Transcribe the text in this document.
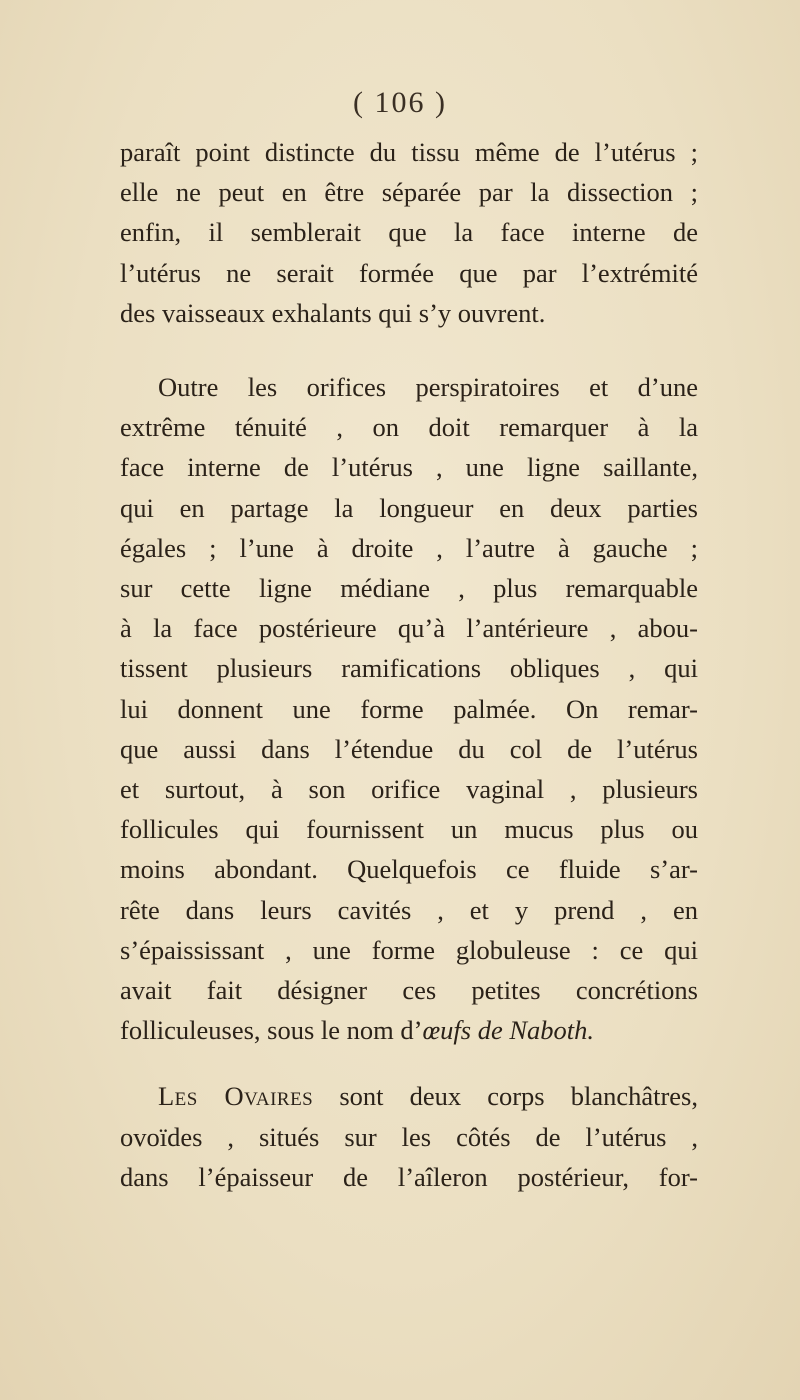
( 106 )

paraît point distincte du tissu même de l’utérus ;
elle ne peut en être séparée par la dissection ;
enfin, il semblerait que la face interne de
l’utérus ne serait formée que par l’extrémité
des vaisseaux exhalants qui s’y ouvrent.

Outre les orifices perspiratoires et d’une
extrême ténuité , on doit remarquer à la
face interne de l’utérus , une ligne saillante,
qui en partage la longueur en deux parties
égales ; l’une à droite , l’autre à gauche ;
sur cette ligne médiane , plus remarquable
à la face postérieure qu’à l’antérieure , abou-
tissent plusieurs ramifications obliques , qui
lui donnent une forme palmée. On remar-
que aussi dans l’étendue du col de l’utérus
et surtout, à son orifice vaginal , plusieurs
follicules qui fournissent un mucus plus ou
moins abondant. Quelquefois ce fluide s’ar-
rête dans leurs cavités , et y prend , en
s’épaississant , une forme globuleuse : ce qui
avait fait désigner ces petites concrétions
folliculeuses, sous le nom d’œufs de Naboth.

Les Ovaires sont deux corps blanchâtres,
ovoïdes , situés sur les côtés de l’utérus ,
dans l’épaisseur de l’aîleron postérieur, for-
